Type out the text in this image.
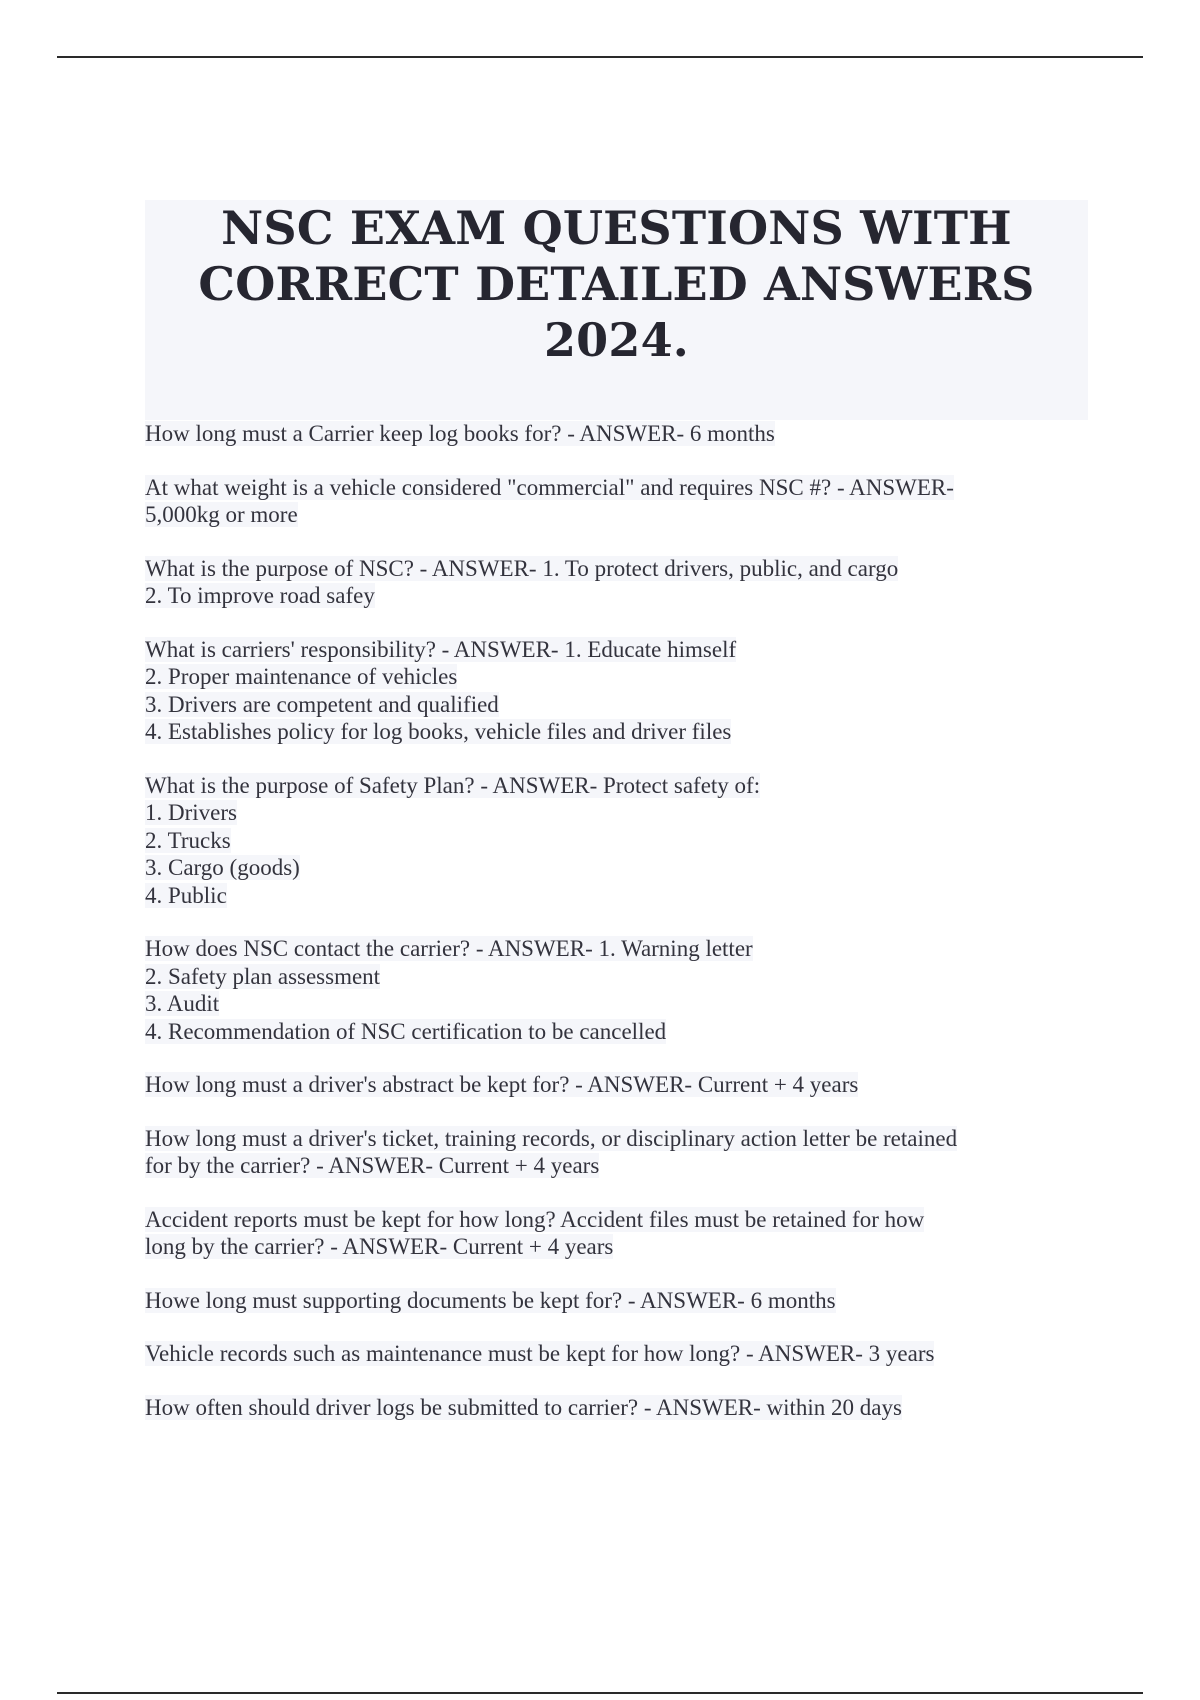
NSC EXAM QUESTIONS WITH
CORRECT DETAILED ANSWERS
2024.
How long must a Carrier keep log books for? - ANSWER- 6 months
At what weight is a vehicle considered "commercial" and requires NSC #? - ANSWER-
5,000kg or more
What is the purpose of NSC? - ANSWER- 1. To protect drivers, public, and cargo
2. To improve road safey
What is carriers' responsibility? - ANSWER- 1. Educate himself
2. Proper maintenance of vehicles
3. Drivers are competent and qualified
4. Establishes policy for log books, vehicle files and driver files
What is the purpose of Safety Plan? - ANSWER- Protect safety of:
1. Drivers
2. Trucks
3. Cargo (goods)
4. Public
How does NSC contact the carrier? - ANSWER- 1. Warning letter
2. Safety plan assessment
3. Audit
4. Recommendation of NSC certification to be cancelled
How long must a driver's abstract be kept for? - ANSWER- Current + 4 years
How long must a driver's ticket, training records, or disciplinary action letter be retained
for by the carrier? - ANSWER- Current + 4 years
Accident reports must be kept for how long? Accident files must be retained for how
long by the carrier? - ANSWER- Current + 4 years
Howe long must supporting documents be kept for? - ANSWER- 6 months
Vehicle records such as maintenance must be kept for how long? - ANSWER- 3 years
How often should driver logs be submitted to carrier? - ANSWER- within 20 days
